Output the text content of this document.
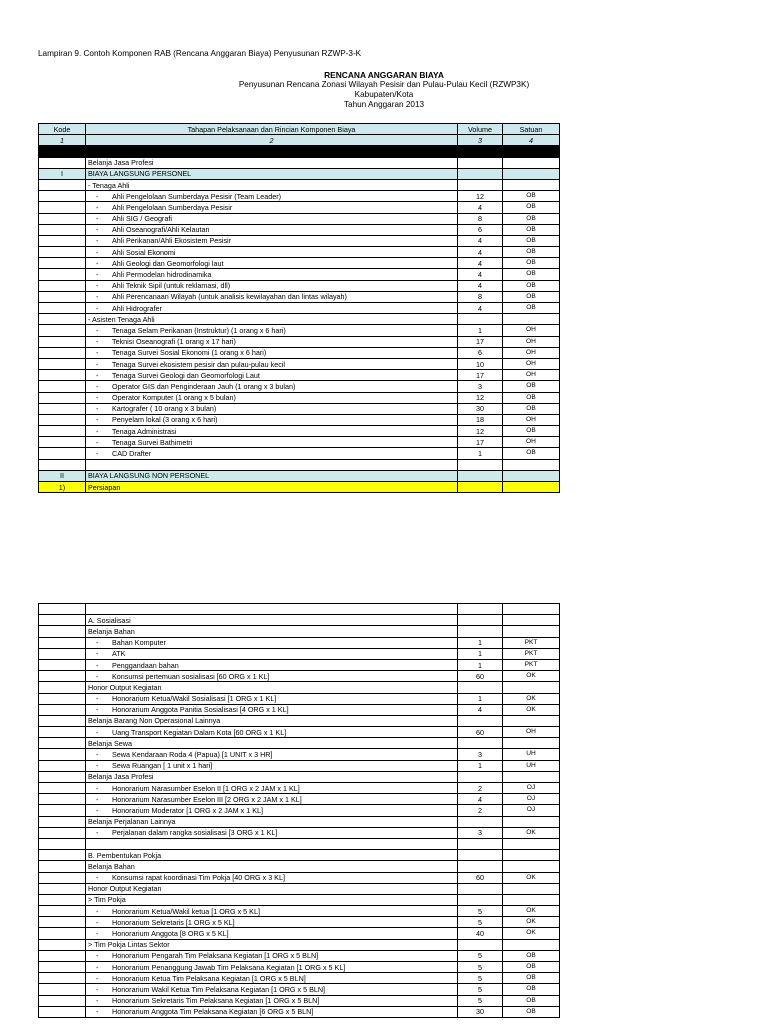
Lampiran 9. Contoh Komponen RAB (Rencana Anggaran Biaya) Penyusunan RZWP-3-K
RENCANA ANGGARAN BIAYA
Penyusunan Rencana Zonasi Wilayah Pesisir dan Pulau-Pulau Kecil (RZWP3K)
Kabupaten/Kota
Tahun Anggaran 2013
Kode	Tahapan Pelaksanaan dan Rincian Komponen Biaya	Volume	Satuan
1	2	3	4

	Belanja Jasa Profesi		
I	BIAYA LANGSUNG PERSONEL		
	- Tenaga Ahli		
	- Ahli Pengelolaan Sumberdaya Pesisir (Team Leader)	12	OB
	- Ahli Pengelolaan Sumberdaya Pesisir	4	OB
	- Ahli SIG / Geografi	8	OB
	- Ahli Oseanografi/Ahli Kelautan	6	OB
	- Ahli Perikanan/Ahli Ekosistem Pesisir	4	OB
	- Ahli Sosial Ekonomi	4	OB
	- Ahli Geologi dan Geomorfologi laut	4	OB
	- Ahli Permodelan hidrodinamika	4	OB
	- Ahli Teknik Sipil (untuk reklamasi, dll)	4	OB
	- Ahli Perencanaan Wilayah (untuk analisis kewilayahan dan lintas wilayah)	8	OB
	- Ahli Hidrografer	4	OB
	- Asisten Tenaga Ahli		
	- Tenaga Selam Perikanan (Instruktur) (1 orang x 6 hari)	1	OH
	- Teknisi Oseanografi (1 orang x 17 hari)	17	OH
	- Tenaga Survei Sosial Ekonomi (1 orang x 6 hari)	6	OH
	- Tenaga Survei ekosistem pesisir dan pulau-pulau kecil	10	OH
	- Tenaga Survei Geologi dan Geomorfologi Laut	17	OH
	- Operator GIS dan Penginderaan Jauh (1 orang x 3 bulan)	3	OB
	- Operator Komputer (1 orang x 5 bulan)	12	OB
	- Kartografer ( 10 orang x 3 bulan)	30	OB
	- Penyelam lokal (3 orang x 6 hari)	18	OH
	- Tenaga Administrasi	12	OB
	- Tenaga Survei Bathimetri	17	OH
	- CAD Drafter	1	OB

II	BIAYA LANGSUNG NON PERSONEL		
1)	Persiapan		

	A. Sosialisasi		
	Belanja Bahan		
	- Bahan Komputer	1	PKT
	- ATK	1	PKT
	- Penggandaan bahan	1	PKT
	- Konsumsi pertemuan sosialisasi [60 ORG x 1 KL]	60	OK
	Honor Output Kegiatan		
	- Honorarium Ketua/Wakil Sosialisasi [1 ORG x 1 KL]	1	OK
	- Honorarium Anggota Panitia Sosialisasi [4 ORG x 1 KL]	4	OK
	Belanja Barang Non Operasional Lainnya		
	- Uang Transport Kegiatan Dalam Kota [60 ORG x 1 KL]	60	OH
	Belanja Sewa		
	- Sewa Kendaraan Roda 4 (Papua) [1 UNIT x 3 HR]	3	UH
	- Sewa Ruangan [ 1 unit x 1 hari]	1	UH
	Belanja Jasa Profesi		
	- Honorarium Narasumber Eselon II [1 ORG x 2 JAM x 1 KL]	2	OJ
	- Honorarium Narasumber Eselon III [2 ORG x 2 JAM x 1 KL]	4	OJ
	- Honorarium Moderator [1 ORG x 2 JAM x 1 KL]	2	OJ
	Belanja Perjalanan Lainnya		
	- Perjalanan dalam rangka sosialisasi [3 ORG x 1 KL]	3	OK

	B. Pembentukan Pokja		
	Belanja Bahan		
	- Konsumsi rapat koordinasi Tim Pokja [40 ORG x 3 KL]	60	OK
	Honor Output Kegiatan		
	> Tim Pokja		
	- Honorarium Ketua/Wakil ketua [1 ORG x 5 KL]	5	OK
	- Honorarium Sekretaris [1 ORG x 5 KL]	5	OK
	- Honorarium Anggota [8 ORG x 5 KL]	40	OK
	> Tim Pokja Lintas Sektor		
	- Honorarium Pengarah Tim Pelaksana Kegiatan [1 ORG x 5 BLN]	5	OB
	- Honorarium Penanggung Jawab Tim Pelaksana Kegiatan [1 ORG x 5 KL]	5	OB
	- Honorarium Ketua Tim Pelaksana Kegiatan [1 ORG x 5 BLN]	5	OB
	- Honorarium Wakil Ketua Tim Pelaksana Kegiatan [1 ORG x 5 BLN]	5	OB
	- Honorarium Sekretaris Tim Pelaksana Kegiatan [1 ORG x 5 BLN]	5	OB
	- Honorarium Anggota Tim Pelaksana Kegiatan [6 ORG x 5 BLN]	30	OB
